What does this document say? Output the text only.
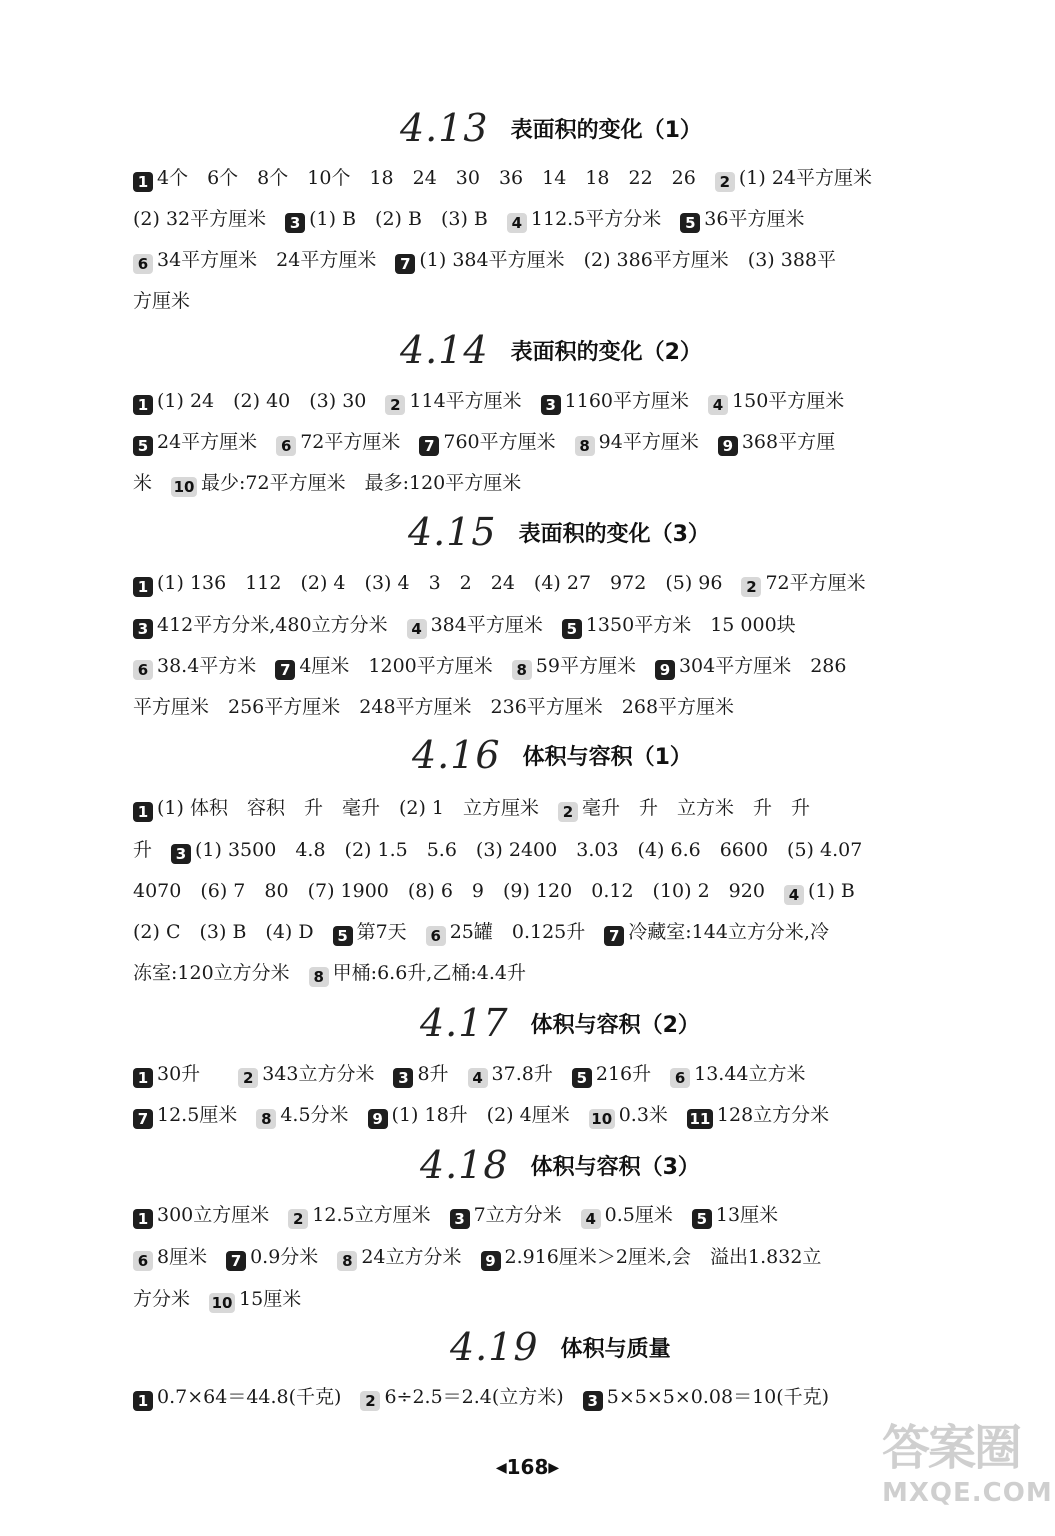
4.13 表面积的变化（1）
1 4个　6个　8个　10个　18　24　30　36　14　18　22　26　2 (1) 24平方厘米
(2) 32平方厘米　3 (1) B　(2) B　(3) B　4 112.5平方分米　5 36平方厘米
6 34平方厘米　24平方厘米　7 (1) 384平方厘米　(2) 386平方厘米　(3) 388平
方厘米
4.14 表面积的变化（2）
1 (1) 24　(2) 40　(3) 30　2 114平方厘米　3 1160平方厘米　4 150平方厘米
5 24平方厘米　6 72平方厘米　7 760平方厘米　8 94平方厘米　9 368平方厘
米　10 最少:72平方厘米　最多:120平方厘米
4.15 表面积的变化（3）
1 (1) 136　112　(2) 4　(3) 4　3　2　24　(4) 27　972　(5) 96　2 72平方厘米
3 412平方分米,480立方分米　4 384平方厘米　5 1350平方米　15 000块
6 38.4平方米　7 4厘米　1200平方厘米　8 59平方厘米　9 304平方厘米　286
平方厘米　256平方厘米　248平方厘米　236平方厘米　268平方厘米
4.16 体积与容积（1）
1 (1) 体积　容积　升　毫升　(2) 1　立方厘米　2 毫升　升　立方米　升　升
升　3 (1) 3500　4.8　(2) 1.5　5.6　(3) 2400　3.03　(4) 6.6　6600　(5) 4.07
4070　(6) 7　80　(7) 1900　(8) 6　9　(9) 120　0.12　(10) 2　920　4 (1) B
(2) C　(3) B　(4) D　5 第7天　6 25罐　0.125升　7 冷藏室:144立方分米,冷
冻室:120立方分米　8 甲桶:6.6升,乙桶:4.4升
4.17 体积与容积（2）
1 30升　　2 343立方分米　3 8升　4 37.8升　5 216升　6 13.44立方米
7 12.5厘米　8 4.5分米　9 (1) 18升　(2) 4厘米　10 0.3米　11 128立方分米
4.18 体积与容积（3）
1 300立方厘米　2 12.5立方厘米　3 7立方分米　4 0.5厘米　5 13厘米
6 8厘米　7 0.9分米　8 24立方分米　9 2.916厘米＞2厘米,会　溢出1.832立
方分米　10 15厘米
4.19 体积与质量
1 0.7×64＝44.8(千克)　2 6÷2.5＝2.4(立方米)　3 5×5×5×0.08＝10(千克)
◀168▶	答案圈
MXQE.COM
